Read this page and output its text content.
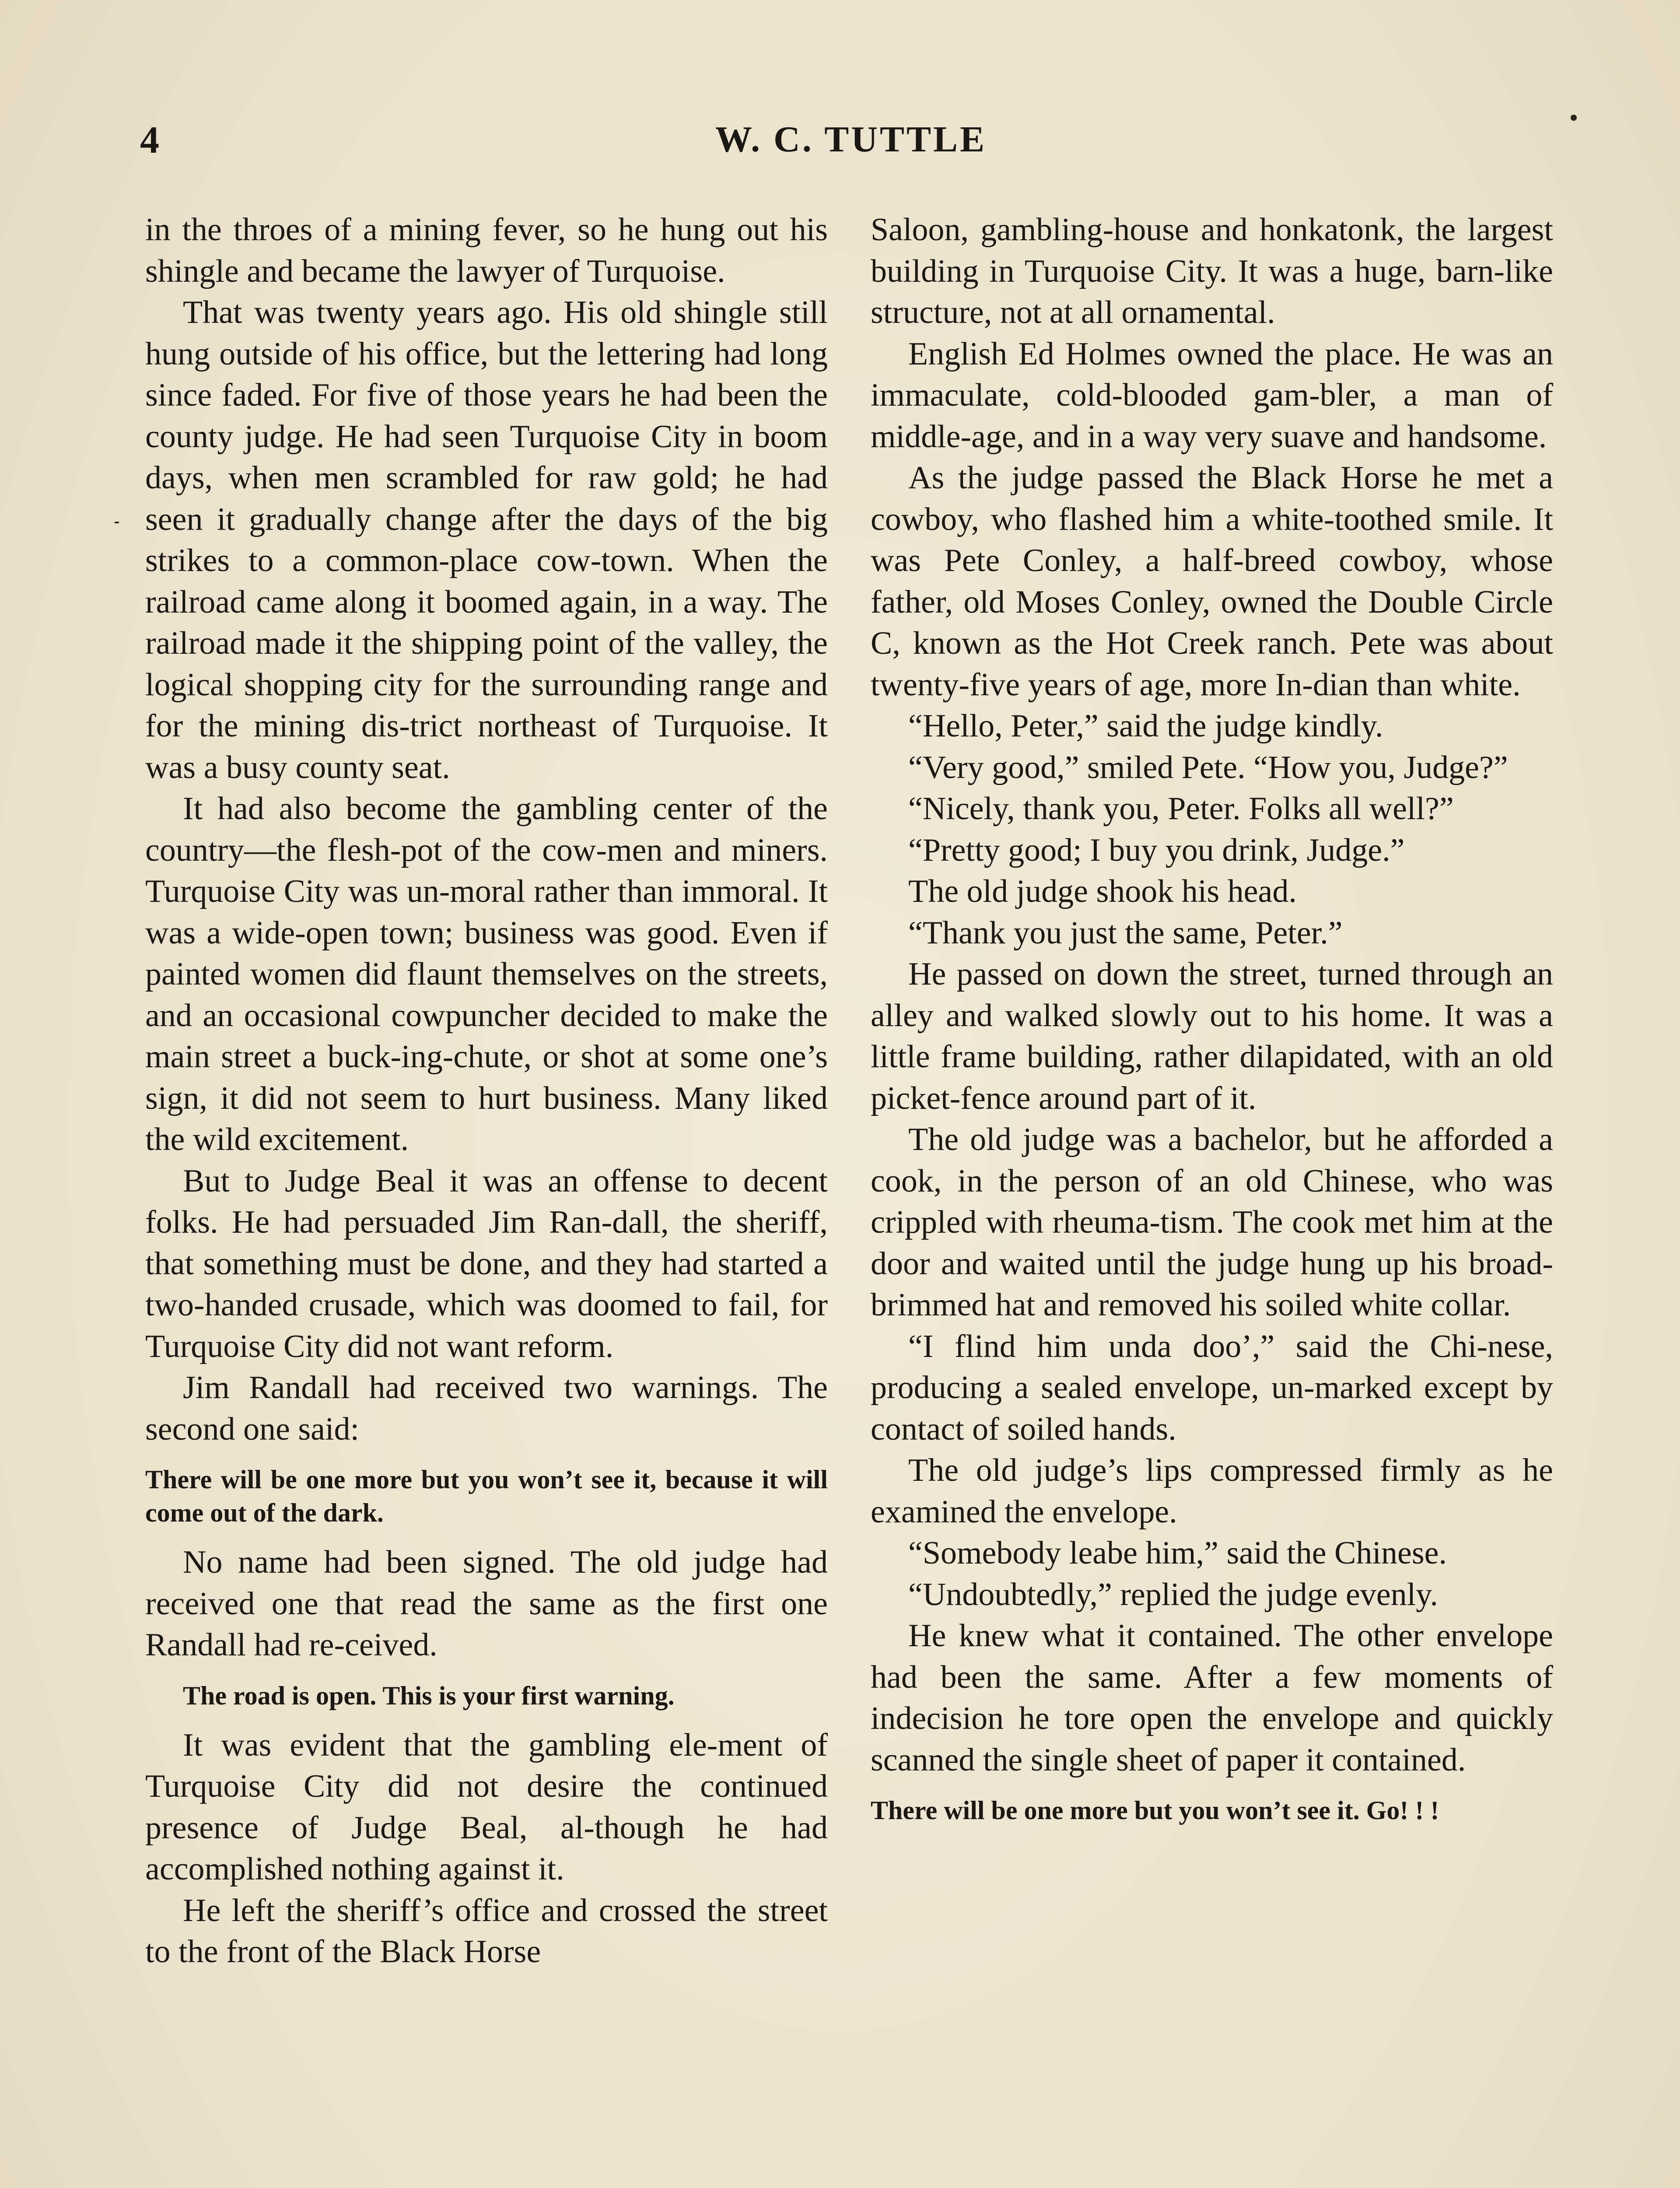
4	W. C. TUTTLE

in the throes of a mining fever, so he hung out his shingle and became the lawyer of Turquoise.

That was twenty years ago. His old shingle still hung outside of his office, but the lettering had long since faded. For five of those years he had been the county judge. He had seen Turquoise City in boom days, when men scrambled for raw gold; he had seen it gradually change after the days of the big strikes to a common-place cow-town. When the railroad came along it boomed again, in a way. The railroad made it the shipping point of the valley, the logical shopping city for the surrounding range and for the mining dis-trict northeast of Turquoise. It was a busy county seat.

It had also become the gambling center of the country—the flesh-pot of the cow-men and miners. Turquoise City was un-moral rather than immoral. It was a wide-open town; business was good. Even if painted women did flaunt themselves on the streets, and an occasional cowpuncher decided to make the main street a buck-ing-chute, or shot at some one’s sign, it did not seem to hurt business. Many liked the wild excitement.

But to Judge Beal it was an offense to decent folks. He had persuaded Jim Ran-dall, the sheriff, that something must be done, and they had started a two-handed crusade, which was doomed to fail, for Turquoise City did not want reform.

Jim Randall had received two warnings. The second one said:

There will be one more but you won’t see it, because it will come out of the dark.

No name had been signed. The old judge had received one that read the same as the first one Randall had re-ceived.

The road is open. This is your first warning.

It was evident that the gambling ele-ment of Turquoise City did not desire the continued presence of Judge Beal, al-though he had accomplished nothing against it.

He left the sheriff’s office and crossed the street to the front of the Black Horse

Saloon, gambling-house and honkatonk, the largest building in Turquoise City. It was a huge, barn-like structure, not at all ornamental.

English Ed Holmes owned the place. He was an immaculate, cold-blooded gam-bler, a man of middle-age, and in a way very suave and handsome.

As the judge passed the Black Horse he met a cowboy, who flashed him a white-toothed smile. It was Pete Conley, a half-breed cowboy, whose father, old Moses Conley, owned the Double Circle C, known as the Hot Creek ranch. Pete was about twenty-five years of age, more In-dian than white.

“Hello, Peter,” said the judge kindly.

“Very good,” smiled Pete. “How you, Judge?”

“Nicely, thank you, Peter. Folks all well?”

“Pretty good; I buy you drink, Judge.”

The old judge shook his head.

“Thank you just the same, Peter.”

He passed on down the street, turned through an alley and walked slowly out to his home. It was a little frame building, rather dilapidated, with an old picket-fence around part of it.

The old judge was a bachelor, but he afforded a cook, in the person of an old Chinese, who was crippled with rheuma-tism. The cook met him at the door and waited until the judge hung up his broad-brimmed hat and removed his soiled white collar.

“I flind him unda doo’,” said the Chi-nese, producing a sealed envelope, un-marked except by contact of soiled hands.

The old judge’s lips compressed firmly as he examined the envelope.

“Somebody leabe him,” said the Chinese.

“Undoubtedly,” replied the judge evenly.

He knew what it contained. The other envelope had been the same. After a few moments of indecision he tore open the envelope and quickly scanned the single sheet of paper it contained.

There will be one more but you won’t see it. Go! ! !
